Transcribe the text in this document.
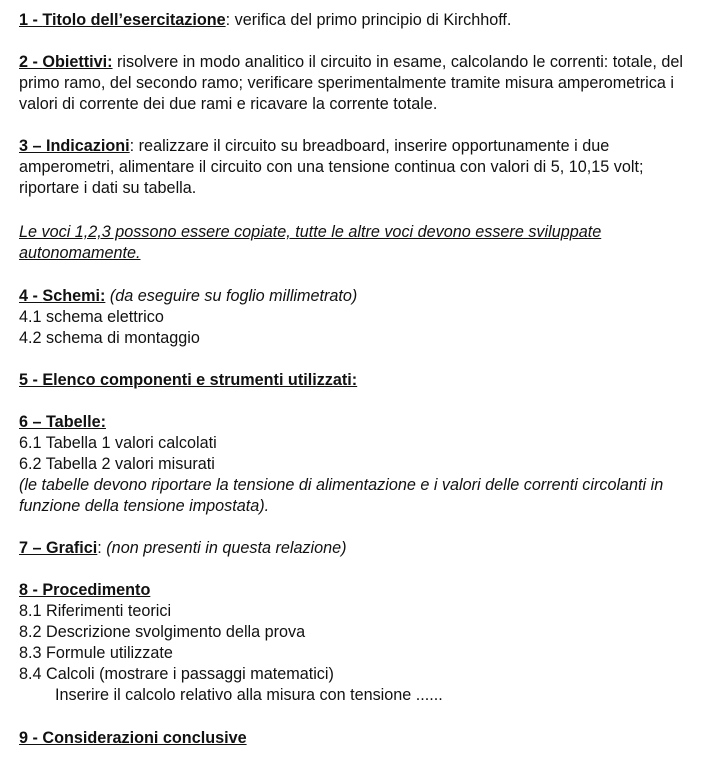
1 - Titolo dell’esercitazione: verifica del primo principio di Kirchhoff.

2 - Obiettivi: risolvere in modo analitico il circuito in esame, calcolando le correnti: totale, del primo ramo, del secondo ramo; verificare sperimentalmente tramite misura amperometrica i valori di corrente dei due rami e ricavare la corrente totale.

3 – Indicazioni: realizzare il circuito su breadboard, inserire opportunamente i due amperometri, alimentare il circuito con una tensione continua con valori di 5, 10,15 volt; riportare i dati su tabella.

Le voci 1,2,3 possono essere copiate, tutte le altre voci devono essere sviluppate autonomamente.

4 - Schemi: (da eseguire su foglio millimetrato)

4.1 schema elettrico

4.2 schema di montaggio

5 - Elenco componenti e strumenti utilizzati:

6 – Tabelle:

6.1 Tabella 1 valori calcolati

6.2 Tabella 2 valori misurati

(le tabelle devono riportare la tensione di alimentazione e i valori delle correnti circolanti in funzione della tensione impostata).

7 – Grafici: (non presenti in questa relazione)

8 - Procedimento

8.1 Riferimenti teorici

8.2 Descrizione svolgimento della prova

8.3 Formule utilizzate

8.4 Calcoli (mostrare i passaggi matematici)

Inserire il calcolo relativo alla misura con tensione ......

9 - Considerazioni conclusive
